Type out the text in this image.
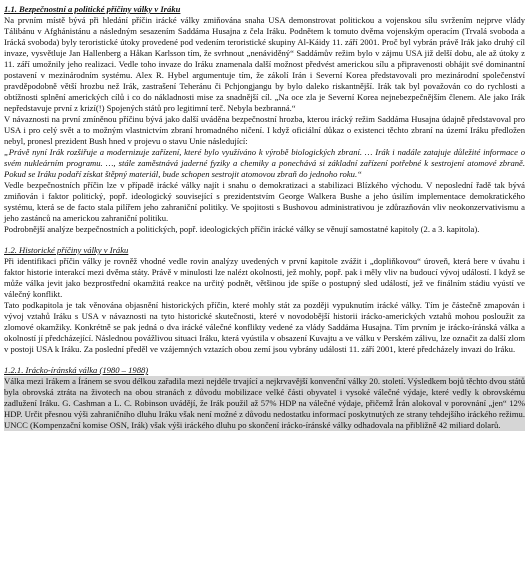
1.1. Bezpečnostní a politické příčiny války v Iráku

Na prvním místě bývá při hledání příčin irácké války zmiňována snaha USA demonstrovat politickou a vojenskou sílu svržením nejprve vlády Tálibánu v Afghánistánu a následným sesazením Saddáma Husajna z čela Iráku. Podnětem k tomuto dvěma vojenským operacím (Trvalá svoboda a Irácká svoboda) byly teroristické útoky provedené pod vedením teroristické skupiny Al-Káidy 11. září 2001. Proč byl vybrán právě Irák jako druhý cíl invaze, vysvětluje Jan Hallenberg a Håkan Karlsson tím, že svrhnout „nenáviděný“ Saddámův režim bylo v zájmu USA již delší dobu, ale až útoky z 11. září umožnily jeho realizaci. Vedle toho invaze do Iráku znamenala další možnost předvést americkou sílu a připravenosti obhájit své dominantní postavení v mezinárodním systému. Alex R. Hybel argumentuje tím, že zákolí Irán i Severní Korea představovali pro mezinárodní společenství pravděpodobně větší hrozbu než Irák, zastrašení Teheránu či Pchjongjangu by bylo daleko riskantnější. Irák tak byl považován co do rychlosti a obtížnosti splnění amerických cílů i co do nákladnosti mise za snadnější cíl. „Na oce zla je Severní Korea nejnebezpečnějším členem. Ale jako Irák nepředstavuje první z krizí(!) Spojených států pro legitimní terč. Nebyla bezbranná.“

V návaznosti na první zmíněnou příčinu bývá jako další uváděna bezpečnostní hrozba, kterou irácký režim Saddáma Husajna údajně představoval pro USA i pro celý svět a to možným vlastnictvím zbraní hromadného ničení. I když oficiální důkaz o existenci těchto zbraní na území Iráku předložen nebyl, pronesl prezident Bush hned v projevu o stavu Unie následující:

„Právě nyní Irák rozšiřuje a modernizuje zařízení, které bylo využíváno k výrobě biologických zbraní. … Irák i nadále zatajuje důležité informace o svém nukleárním programu. …, stále zaměstnává jaderné fyziky a chemiky a ponechává si základní zařízení potřebné k sestrojení atomové zbraně. Pokud se Iráku podaří získat štěpný materiál, bude schopen sestrojit atomovou zbraň do jednoho roku.“

Vedle bezpečnostních příčin lze v případě irácké války najít i snahu o demokratizaci a stabilizaci Blízkého východu. V neposlední řadě tak bývá zmiňován i faktor politický, popř. ideologický související s prezidentstvím George Walkera Bushe a jeho úsilím implementace demokratického systému, která se de facto stala pilířem jeho zahraniční politiky. Ve spojitosti s Bushovou administrativou je zdůrazňován vliv neokonzervativismu a jeho zastánců na americkou zahraniční politiku.

Podrobnější analýze bezpečnostních a politických, popř. ideologických příčin irácké války se věnují samostatné kapitoly (2. a 3. kapitola).

1.2. Historické příčiny války v Iráku

Při identifikaci příčin války je rovněž vhodné vedle rovin analýzy uvedených v první kapitole zvážit i „dopliňkovou“ úroveň, která bere v úvahu i faktor historie interakcí mezi dvěma státy. Právě v minulosti lze nalézt okolnosti, jež mohly, popř. pak i měly vliv na budoucí vývoj událostí. I když se může válka jevit jako bezprostřední okamžitá reakce na určitý podnět, většinou jde spíše o postupný sled událostí, jež ve finálním stádiu vyústí ve válečný konflikt.

Tato podkapitola je tak věnována objasnění historických příčin, které mohly stát za později vypuknutím irácké války. Tím je částečně zmapován i vývoj vztahů Iráku s USA v návaznosti na tyto historické skutečnosti, které v novodobější historii irácko-amerických vztahů mohou posloužit za zlomové okamžiky. Konkrétně se pak jedná o dva irácké válečné konflikty vedené za vlády Saddáma Husajna. Tím prvním je irácko-íránská válka a okolností jí předcházející. Následnou povážlivou situaci Iráku, která vyústila v obsazení Kuvajtu a ve válku v Perském zálivu, lze označit za další zlom v postoji USA k Iráku. Za poslední předěl ve vzájemných vztazích obou zemí jsou vybrány události 11. září 2001, které předcházely invazi do Iráku.

1.2.1. Irácko-íránská válka (1980 – 1988)

Válka mezi Irákem a Íránem se svou délkou zařadila mezi nejdéle trvající a nejkrvavější konvenční války 20. století. Výsledkem bojů těchto dvou států byla obrovská ztráta na životech na obou stranách z důvodu mobilizace velké části obyvatel i vysoké válečné výdaje, které vedly k obrovskému zadlužení Iráku. G. Cashman a L. C. Robinson uvádějí, že Irák použil až 57% HDP na válečné výdaje, přičemž Írán alokoval v porovnání „jen“ 12% HDP. Určit přesnou výši zahraničního dluhu Iráku však není možné z důvodu nedostatku informací poskytnutých ze strany tehdejšího iráckého režimu. UNCC (Kompenzační komise OSN, Irák) však výši iráckého dluhu po skončení irácko-íránské války odhadovala na přibližně 42 miliard dolarů.
